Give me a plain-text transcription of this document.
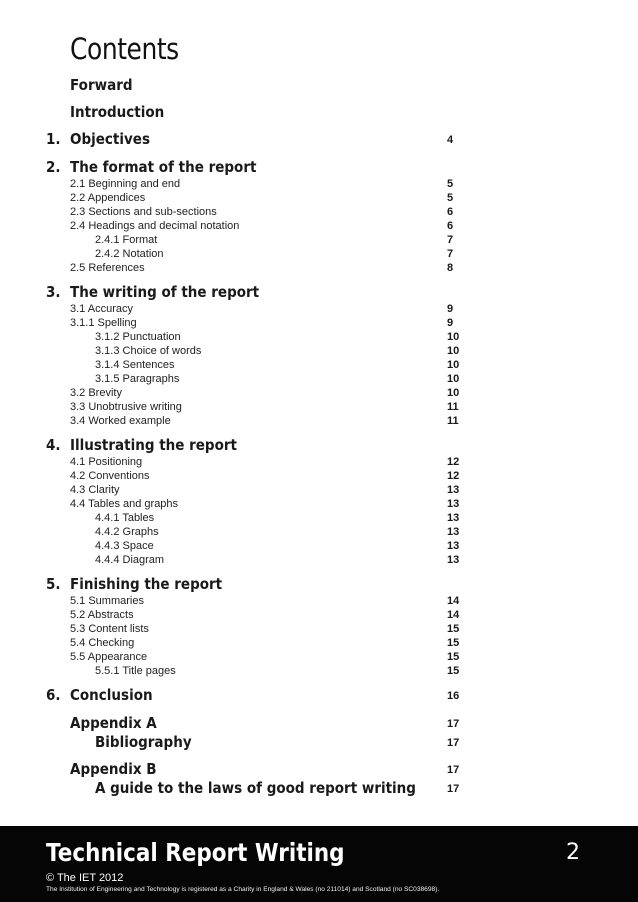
Contents
Forward
Introduction
1. Objectives	4
2. The format of the report
2.1 Beginning and end	5
2.2 Appendices	5
2.3 Sections and sub-sections	6
2.4 Headings and decimal notation	6
2.4.1 Format	7
2.4.2 Notation	7
2.5 References	8
3. The writing of the report
3.1 Accuracy	9
3.1.1 Spelling	9
3.1.2 Punctuation	10
3.1.3 Choice of words	10
3.1.4 Sentences	10
3.1.5 Paragraphs	10
3.2 Brevity	10
3.3 Unobtrusive writing	11
3.4 Worked example	11
4. Illustrating the report
4.1 Positioning	12
4.2 Conventions	12
4.3 Clarity	13
4.4 Tables and graphs	13
4.4.1 Tables	13
4.4.2 Graphs	13
4.4.3 Space	13
4.4.4 Diagram	13
5. Finishing the report
5.1 Summaries	14
5.2 Abstracts	14
5.3 Content lists	15
5.4 Checking	15
5.5 Appearance	15
5.5.1 Title pages	15
6. Conclusion	16
Appendix A	17
Bibliography	17
Appendix B	17
A guide to the laws of good report writing	17
Technical Report Writing	2
© The IET 2012
The Institution of Engineering and Technology is registered as a Charity in England & Wales (no 211014) and Scotland (no SC038698).
